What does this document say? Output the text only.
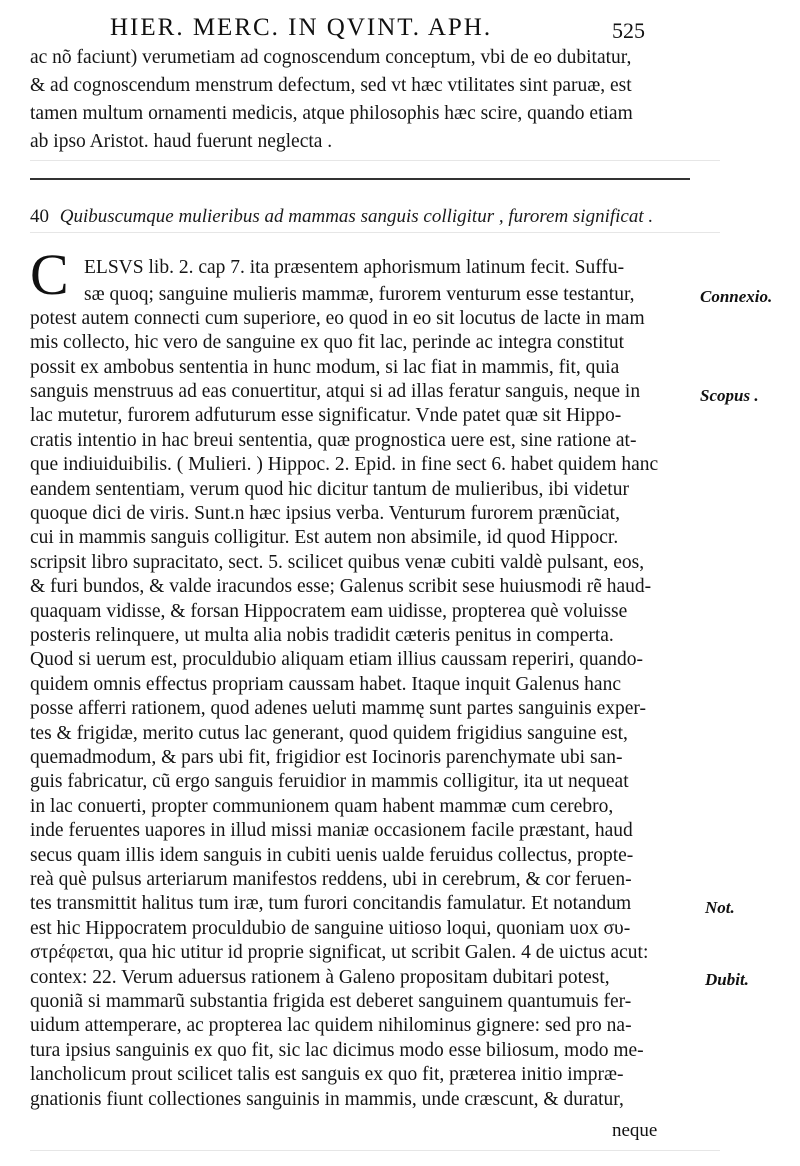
HIER. MERC. IN QVINT. APH.	525
ac nõ faciunt) verumetiam ad cognoscendum conceptum, vbi de eo dubitatur,
& ad cognoscendum menstrum defectum, sed vt hæc vtilitates sint paruæ, est
tamen multum ornamenti medicis, atque philosophis hæc scire, quando etiam
ab ipso Aristot. haud fuerunt neglecta .
40 Quibuscumque mulieribus ad mammas sanguis colligitur , furorem significat .
C ELSVS lib. 2. cap 7. ita præsentem aphorismum latinum fecit. Suffu-
sæ quoq; sanguine mulieris mammæ, furorem venturum esse testantur,
potest autem connecti cum superiore, eo quod in eo sit locutus de lacte in mam
mis collecto, hic vero de sanguine ex quo fit lac, perinde ac integra constitut
possit ex ambobus sententia in hunc modum, si lac fiat in mammis, fit, quia
sanguis menstruus ad eas conuertitur, atqui si ad illas feratur sanguis, neque in
lac mutetur, furorem adfuturum esse significatur. Vnde patet quæ sit Hippo-
cratis intentio in hac breui sententia, quæ prognostica uere est, sine ratione at-
que indiuiduibilis. ( Mulieri. ) Hippoc. 2. Epid. in fine sect 6. habet quidem hanc
eandem sententiam, verum quod hic dicitur tantum de mulieribus, ibi videtur
quoque dici de viris. Sunt.n hæc ipsius verba. Venturum furorem prænũciat,
cui in mammis sanguis colligitur. Est autem non absimile, id quod Hippocr.
scripsit libro supracitato, sect. 5. scilicet quibus venæ cubiti valdè pulsant, eos,
& furi bundos, & valde iracundos esse; Galenus scribit sese huiusmodi rẽ haud-
quaquam vidisse, & forsan Hippocratem eam uidisse, propterea què voluisse
posteris relinquere, ut multa alia nobis tradidit cæteris penitus in comperta.
Quod si uerum est, proculdubio aliquam etiam illius caussam reperiri, quando-
quidem omnis effectus propriam caussam habet. Itaque inquit Galenus hanc
posse afferri rationem, quod adenes ueluti mammę sunt partes sanguinis exper-
tes & frigidæ, merito cutus lac generant, quod quidem frigidius sanguine est,
quemadmodum, & pars ubi fit, frigidior est Iocinoris parenchymate ubi san-
guis fabricatur, cũ ergo sanguis feruidior in mammis colligitur, ita ut nequeat
in lac conuerti, propter communionem quam habent mammæ cum cerebro,
inde feruentes uapores in illud missi maniæ occasionem facile præstant, haud
secus quam illis idem sanguis in cubiti uenis ualde feruidus collectus, propte-
reà què pulsus arteriarum manifestos reddens, ubi in cerebrum, & cor feruen-
tes transmittit halitus tum iræ, tum furori concitandis famulatur. Et notandum
est hic Hippocratem proculdubio de sanguine uitioso loqui, quoniam uox συ-
στρέφεται, qua hic utitur id proprie significat, ut scribit Galen. 4 de uictus acut:
contex: 22. Verum aduersus rationem à Galeno propositam dubitari potest,
quoniã si mammarũ substantia frigida est deberet sanguinem quantumuis fer-
uidum attemperare, ac propterea lac quidem nihilominus gignere: sed pro na-
tura ipsius sanguinis ex quo fit, sic lac dicimus modo esse biliosum, modo me-
lancholicum prout scilicet talis est sanguis ex quo fit, præterea initio impræ-
gnationis fiunt collectiones sanguinis in mammis, unde cræscunt, & duratur,
neque
Connexio.
Scopus .
Not.
Dubit.
